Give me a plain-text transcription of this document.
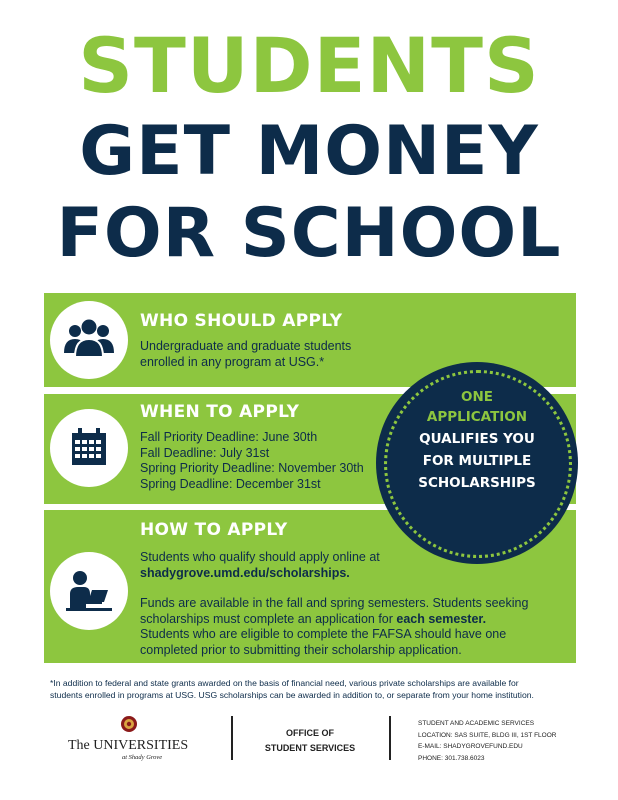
STUDENTS
GET MONEY
FOR SCHOOL
WHO SHOULD APPLY
Undergraduate and graduate students
enrolled in any program at USG.*
WHEN TO APPLY
Fall Priority Deadline: June 30th
Fall Deadline: July 31st
Spring Priority Deadline: November 30th
Spring Deadline: December 31st
HOW TO APPLY
Students who qualify should apply online at
shadygrove.umd.edu/scholarships.
Funds are available in the fall and spring semesters. Students seeking
scholarships must complete an application for each semester.
Students who are eligible to complete the FAFSA should have one
completed prior to submitting their scholarship application.
ONE
APPLICATION
QUALIFIES YOU
FOR MULTIPLE
SCHOLARSHIPS
*In addition to federal and state grants awarded on the basis of financial need, various private scholarships are available for
students enrolled in programs at USG. USG scholarships can be awarded in addition to, or separate from your home institution.
The UNIVERSITIES
at Shady Grove
OFFICE OF
STUDENT SERVICES
STUDENT AND ACADEMIC SERVICES
LOCATION: SAS SUITE, BLDG III, 1ST FLOOR
E-MAIL: SHADYGROVEFUND.EDU
PHONE: 301.738.6023
